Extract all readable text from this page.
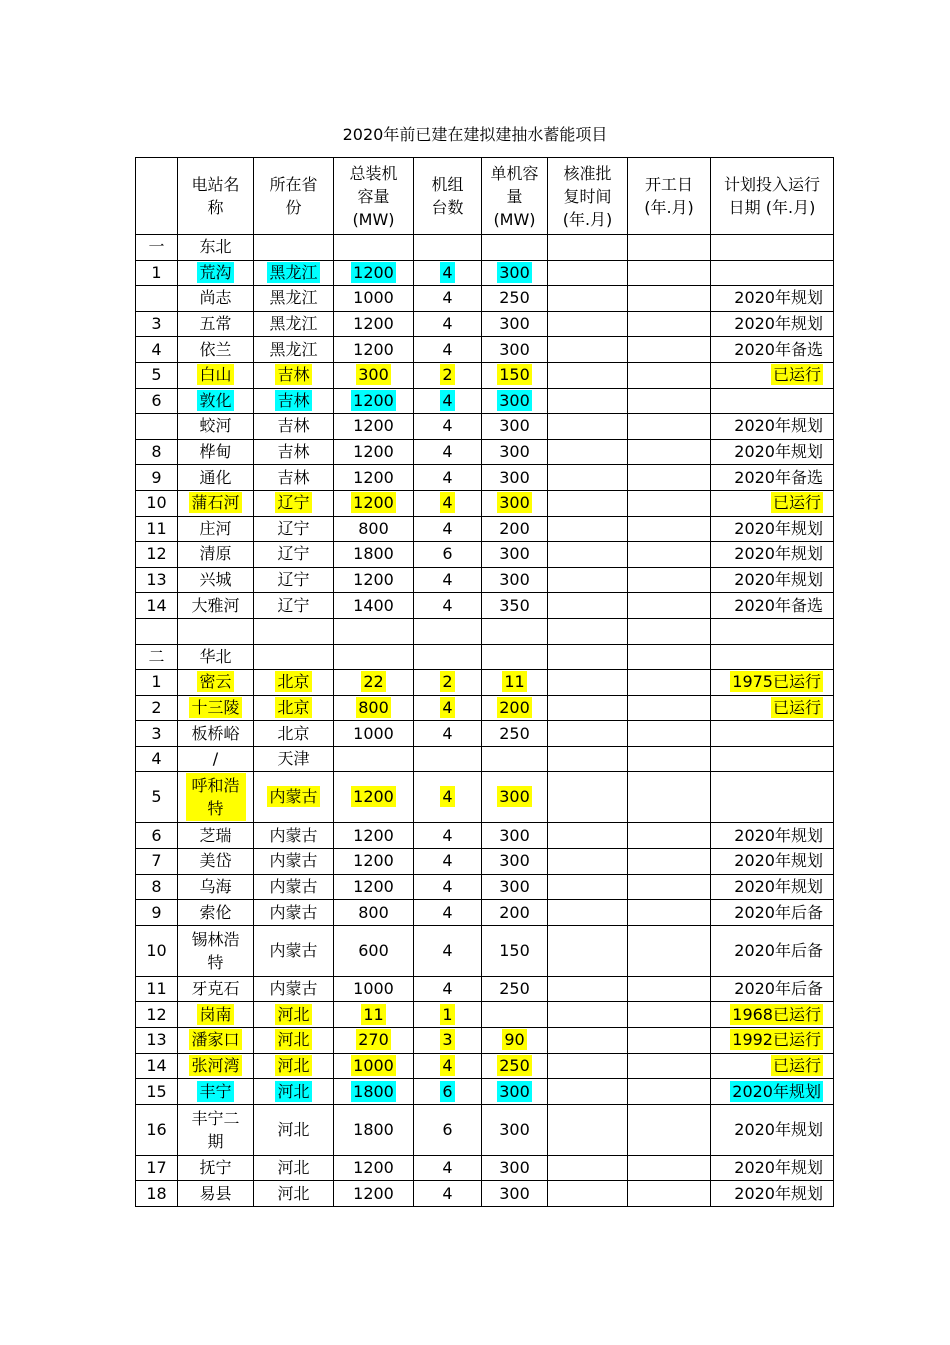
2020年前已建在建拟建抽水蓄能项目
	电站名称	所在省份	总装机容量(MW)	机组台数	单机容量(MW)	核准批复时间(年.月)	开工日(年.月)	计划投入运行日期 (年.月)
一	东北							
1	荒沟	黑龙江	1200	4	300			
	尚志	黑龙江	1000	4	250			2020年规划
3	五常	黑龙江	1200	4	300			2020年规划
4	依兰	黑龙江	1200	4	300			2020年备选
5	白山	吉林	300	2	150			已运行
6	敦化	吉林	1200	4	300			
	蛟河	吉林	1200	4	300			2020年规划
8	桦甸	吉林	1200	4	300			2020年规划
9	通化	吉林	1200	4	300			2020年备选
10	蒲石河	辽宁	1200	4	300			已运行
11	庄河	辽宁	800	4	200			2020年规划
12	清原	辽宁	1800	6	300			2020年规划
13	兴城	辽宁	1200	4	300			2020年规划
14	大雅河	辽宁	1400	4	350			2020年备选

二	华北							
1	密云	北京	22	2	11			1975已运行
2	十三陵	北京	800	4	200			已运行
3	板桥峪	北京	1000	4	250			
4	/	天津						
5	呼和浩特	内蒙古	1200	4	300			
6	芝瑞	内蒙古	1200	4	300			2020年规划
7	美岱	内蒙古	1200	4	300			2020年规划
8	乌海	内蒙古	1200	4	300			2020年规划
9	索伦	内蒙古	800	4	200			2020年后备
10	锡林浩特	内蒙古	600	4	150			2020年后备
11	牙克石	内蒙古	1000	4	250			2020年后备
12	岗南	河北	11	1				1968已运行
13	潘家口	河北	270	3	90			1992已运行
14	张河湾	河北	1000	4	250			已运行
15	丰宁	河北	1800	6	300			2020年规划
16	丰宁二期	河北	1800	6	300			2020年规划
17	抚宁	河北	1200	4	300			2020年规划
18	易县	河北	1200	4	300			2020年规划
